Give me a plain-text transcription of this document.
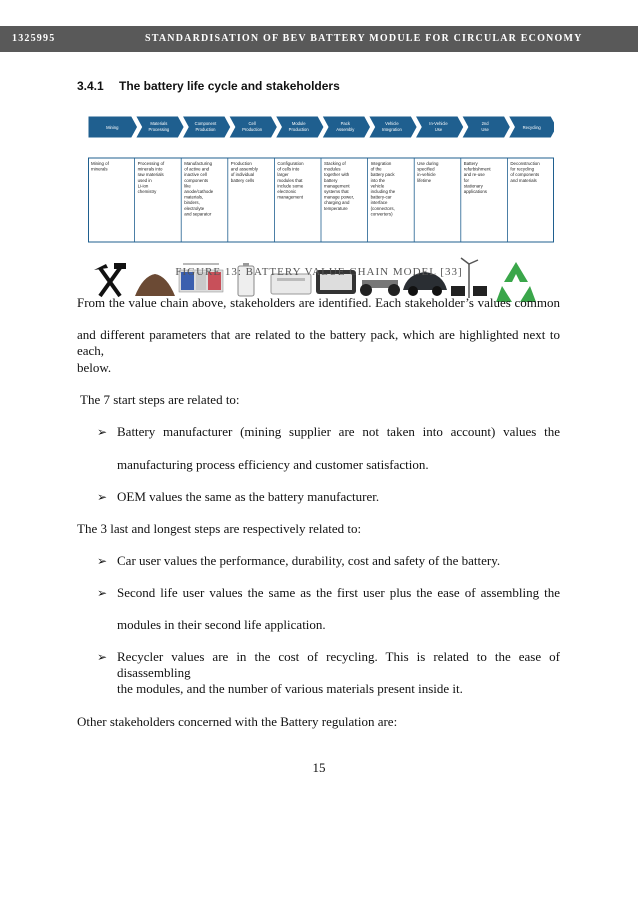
1325995	STANDARDISATION OF BEV BATTERY MODULE FOR CIRCULAR ECONOMY
3.4.1 The battery life cycle and stakeholders
Mining
Materials
Processing
Component
Production
Cell
Production
Module
Production
Pack
Assembly
Vehicle
Integration
In-Vehicle
Use
2nd
Use	Recycling
Mining of minerals
Processing of minerals into raw materials used in Li-ion chemistry
Manufacturing of active and inactive cell components like anode/cathode materials, binders, electrolyte and separator
Production and assembly of individual battery cells
Configuration of cells into larger modules that include some electronic management
Stacking of modules together with battery management systems that manage power, charging and temperature
Integration of the battery pack into the vehicle including the battery-car interface (connectors, converters)
Use during specified in-vehicle lifetime
Battery refurbishment and re-use for stationary applications
Deconstruction for recycling of components and materials
FIGURE 13: BATTERY VALUE CHAIN MODEL [33]
From the value chain above, stakeholders are identified. Each stakeholder’s values common
and different parameters that are related to the battery pack, which are highlighted next to each,
below.
The 7 start steps are related to:
➢ Battery manufacturer (mining supplier are not taken into account) values the
manufacturing process efficiency and customer satisfaction.
➢ OEM values the same as the battery manufacturer.
The 3 last and longest steps are respectively related to:
➢ Car user values the performance, durability, cost and safety of the battery.
➢ Second life user values the same as the first user plus the ease of assembling the
modules in their second life application.
➢ Recycler values are in the cost of recycling. This is related to the ease of disassembling
the modules, and the number of various materials present inside it.
Other stakeholders concerned with the Battery regulation are:
15
